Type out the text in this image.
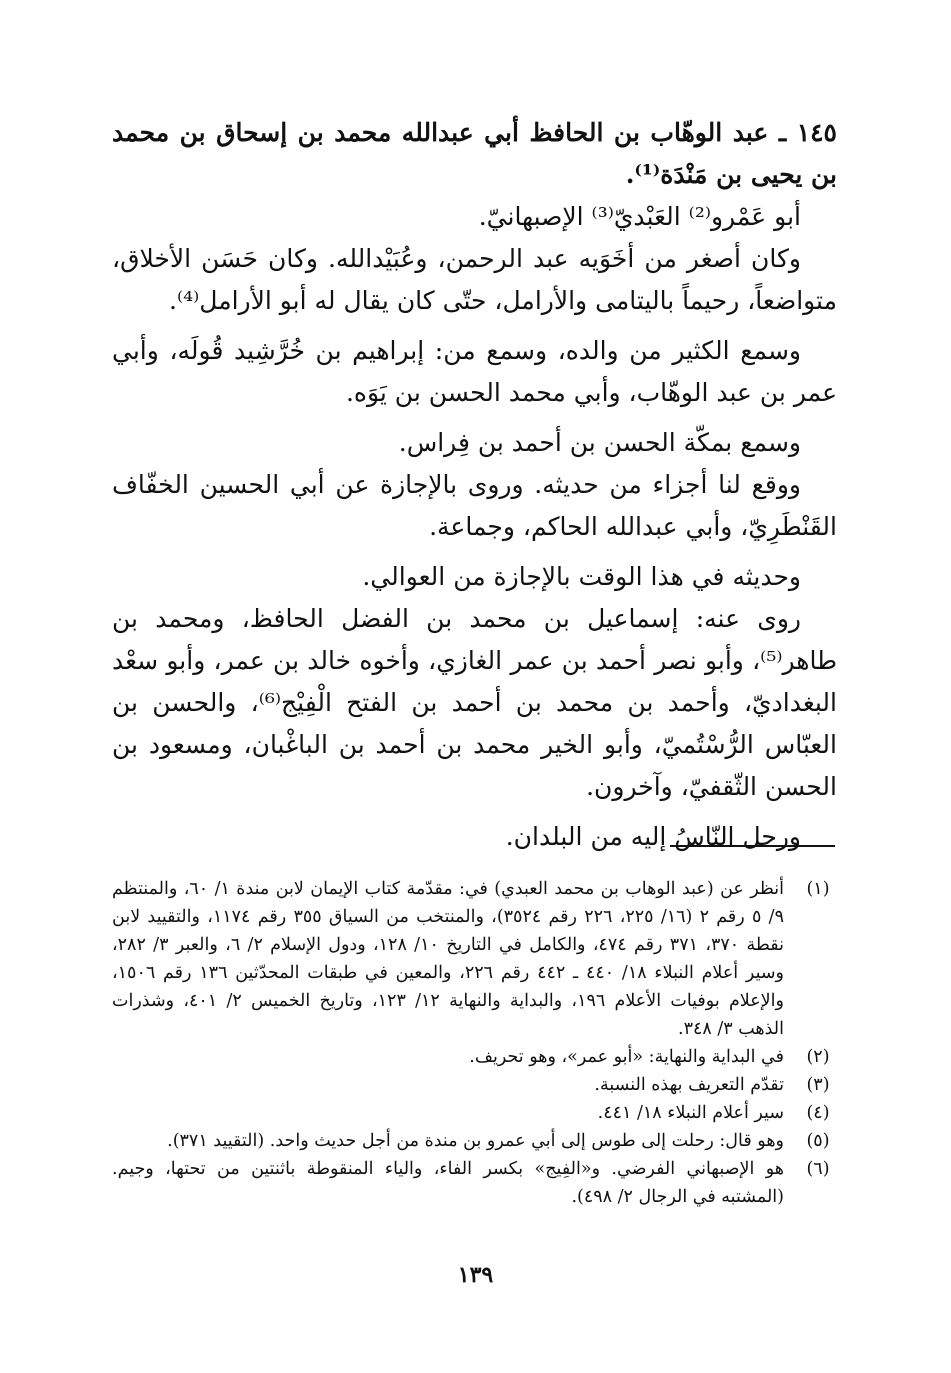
١٤٥ ـ عبد الوهّاب بن الحافظ أبي عبدالله محمد بن إسحاق بن محمد بن يحيى بن مَنْدَة⁽¹⁾.

أبو عَمْرو⁽²⁾ العَبْديّ⁽³⁾ الإصبهانيّ.

وكان أصغر من أخَوَيه عبد الرحمن، وعُبَيْدالله. وكان حَسَن الأخلاق، متواضعاً، رحيماً باليتامى والأرامل، حتّى كان يقال له أبو الأرامل⁽⁴⁾.

وسمع الكثير من والده، وسمع من: إبراهيم بن خُرَّشِيد قُولَه، وأبي عمر بن عبد الوهّاب، وأبي محمد الحسن بن يَوَه.

وسمع بمكّة الحسن بن أحمد بن فِراس.

ووقع لنا أجزاء من حديثه. وروى بالإجازة عن أبي الحسين الخفّاف القَنْطَرِيّ، وأبي عبدالله الحاكم، وجماعة.

وحديثه في هذا الوقت بالإجازة من العوالي.

روى عنه: إسماعيل بن محمد بن الفضل الحافظ، ومحمد بن طاهر⁽⁵⁾، وأبو نصر أحمد بن عمر الغازي، وأخوه خالد بن عمر، وأبو سعْد البغداديّ، وأحمد بن محمد بن أحمد بن الفتح الْفِيْج⁽⁶⁾، والحسن بن العبّاس الرُّسْتُميّ، وأبو الخير محمد بن أحمد بن الباغْبان، ومسعود بن الحسن الثّقفيّ، وآخرون.

ورحل النّاسُ إليه من البلدان.

(١)
أنظر عن (عبد الوهاب بن محمد العبدي) في: مقدّمة كتاب الإيمان لابن مندة ١/ ٦٠، والمنتظم ٩/ ٥ رقم ٢ (١٦/ ٢٢٥، ٢٢٦ رقم ٣٥٢٤)، والمنتخب من السياق ٣٥٥ رقم ١١٧٤، والتقييد لابن نقطة ٣٧٠، ٣٧١ رقم ٤٧٤، والكامل في التاريخ ١٠/ ١٢٨، ودول الإسلام ٢/ ٦، والعبر ٣/ ٢٨٢، وسير أعلام النبلاء ١٨/ ٤٤٠ ـ ٤٤٢ رقم ٢٢٦، والمعين في طبقات المحدّثين ١٣٦ رقم ١٥٠٦، والإعلام بوفيات الأعلام ١٩٦، والبداية والنهاية ١٢/ ١٢٣، وتاريخ الخميس ٢/ ٤٠١، وشذرات الذهب ٣/ ٣٤٨.
(٢)
في البداية والنهاية: «أبو عمر»، وهو تحريف.
(٣)
تقدّم التعريف بهذه النسبة.
(٤)
سير أعلام النبلاء ١٨/ ٤٤١.
(٥)
وهو قال: رحلت إلى طوس إلى أبي عمرو بن مندة من أجل حديث واحد. (التقييد ٣٧١).
(٦)
هو الإصبهاني الفرضي. و«الفِيج» بكسر الفاء، والياء المنقوطة باثنتين من تحتها، وجيم. (المشتبه في الرجال ٢/ ٤٩٨).
١٣٩
